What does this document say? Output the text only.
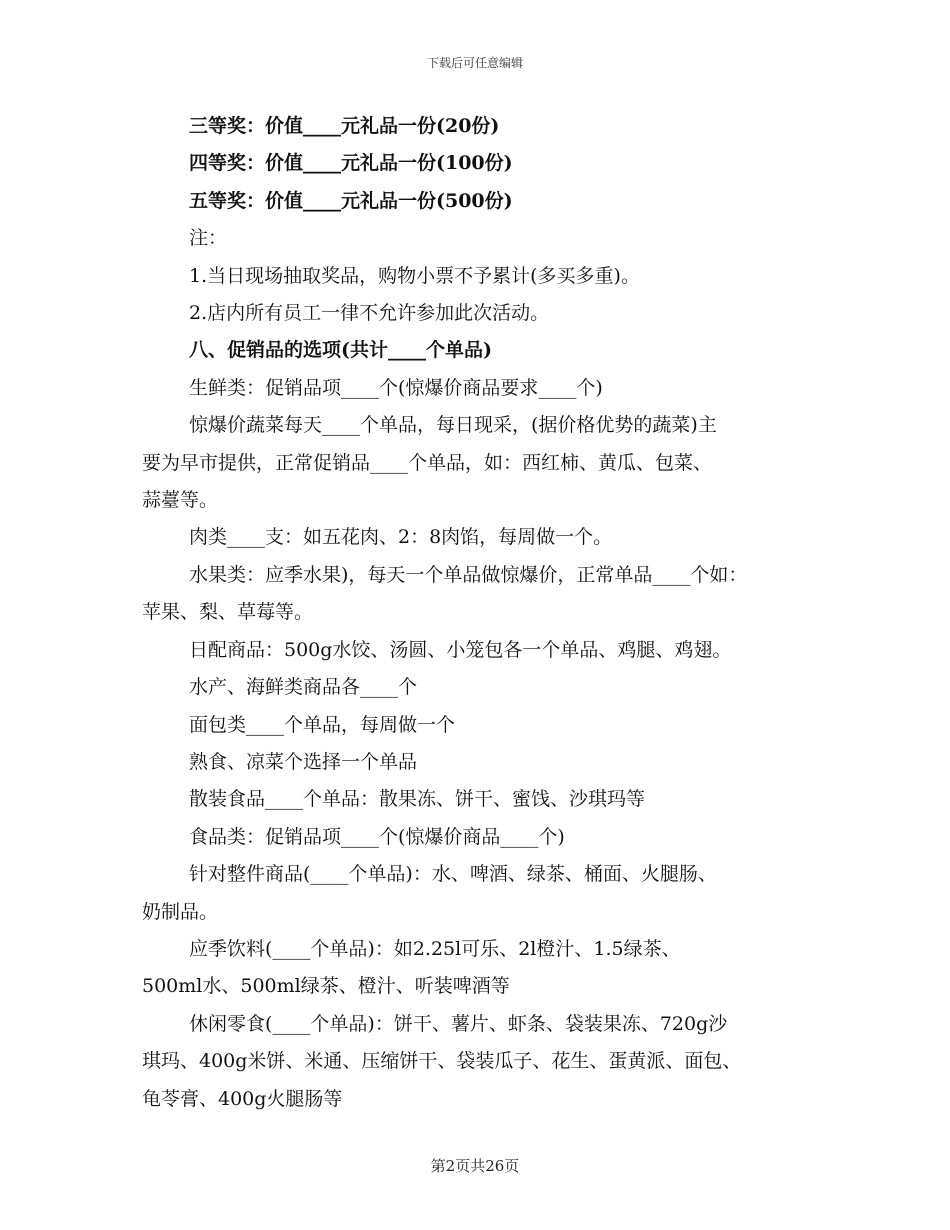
下载后可任意编辑
三等奖：价值____元礼品一份(20份)
四等奖：价值____元礼品一份(100份)
五等奖：价值____元礼品一份(500份)
注：
1.当日现场抽取奖品，购物小票不予累计(多买多重)。
2.店内所有员工一律不允许参加此次活动。
八、促销品的选项(共计____个单品)
生鲜类：促销品项____个(惊爆价商品要求____个)
惊爆价蔬菜每天____个单品，每日现采，(据价格优势的蔬菜)主
要为早市提供，正常促销品____个单品，如：西红柿、黄瓜、包菜、
蒜薹等。
肉类____支：如五花肉、2：8肉馅，每周做一个。
水果类：应季水果)，每天一个单品做惊爆价，正常单品____个如：
苹果、梨、草莓等。
日配商品：500g水饺、汤圆、小笼包各一个单品、鸡腿、鸡翅。
水产、海鲜类商品各____个
面包类____个单品，每周做一个
熟食、凉菜个选择一个单品
散装食品____个单品：散果冻、饼干、蜜饯、沙琪玛等
食品类：促销品项____个(惊爆价商品____个)
针对整件商品(____个单品)：水、啤酒、绿茶、桶面、火腿肠、
奶制品。
应季饮料(____个单品)：如2.25l可乐、2l橙汁、1.5绿茶、
500ml水、500ml绿茶、橙汁、听装啤酒等
休闲零食(____个单品)：饼干、薯片、虾条、袋装果冻、720g沙
琪玛、400g米饼、米通、压缩饼干、袋装瓜子、花生、蛋黄派、面包、
龟苓膏、400g火腿肠等
第2页共26页
